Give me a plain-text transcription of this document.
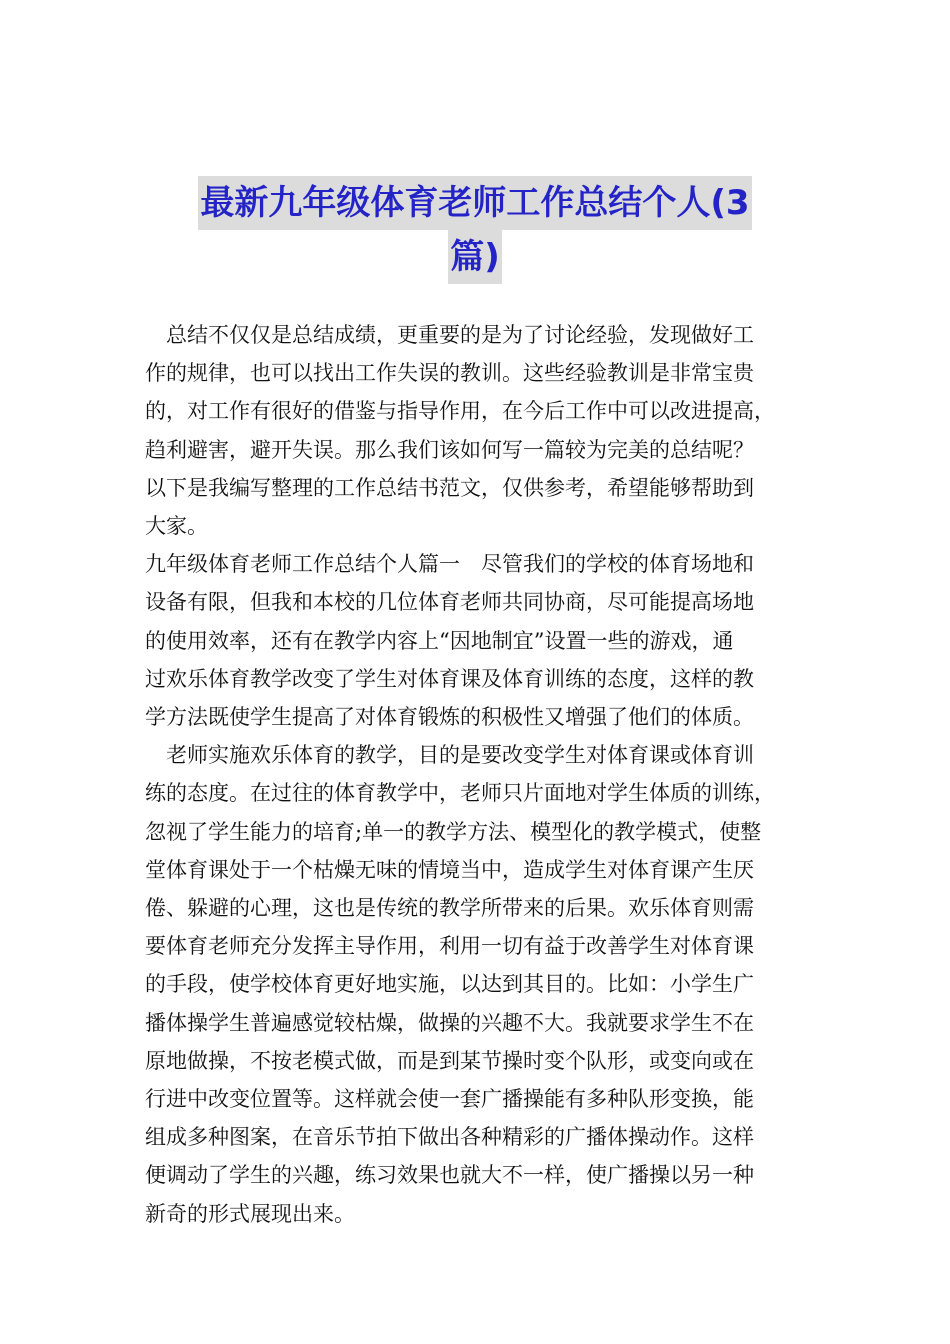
最新九年级体育老师工作总结个人(3
篇)
　总结不仅仅是总结成绩，更重要的是为了讨论经验，发现做好工
作的规律，也可以找出工作失误的教训。这些经验教训是非常宝贵
的，对工作有很好的借鉴与指导作用，在今后工作中可以改进提高，
趋利避害，避开失误。那么我们该如何写一篇较为完美的总结呢？
以下是我编写整理的工作总结书范文，仅供参考，希望能够帮助到
大家。
九年级体育老师工作总结个人篇一　尽管我们的学校的体育场地和
设备有限，但我和本校的几位体育老师共同协商，尽可能提高场地
的使用效率，还有在教学内容上“因地制宜”设置一些的游戏，通
过欢乐体育教学改变了学生对体育课及体育训练的态度，这样的教
学方法既使学生提高了对体育锻炼的积极性又增强了他们的体质。
　老师实施欢乐体育的教学，目的是要改变学生对体育课或体育训
练的态度。在过往的体育教学中，老师只片面地对学生体质的训练，
忽视了学生能力的培育;单一的教学方法、模型化的教学模式，使整
堂体育课处于一个枯燥无味的情境当中，造成学生对体育课产生厌
倦、躲避的心理，这也是传统的教学所带来的后果。欢乐体育则需
要体育老师充分发挥主导作用，利用一切有益于改善学生对体育课
的手段，使学校体育更好地实施，以达到其目的。比如：小学生广
播体操学生普遍感觉较枯燥，做操的兴趣不大。我就要求学生不在
原地做操，不按老模式做，而是到某节操时变个队形，或变向或在
行进中改变位置等。这样就会使一套广播操能有多种队形变换，能
组成多种图案，在音乐节拍下做出各种精彩的广播体操动作。这样
便调动了学生的兴趣，练习效果也就大不一样，使广播操以另一种
新奇的形式展现出来。
